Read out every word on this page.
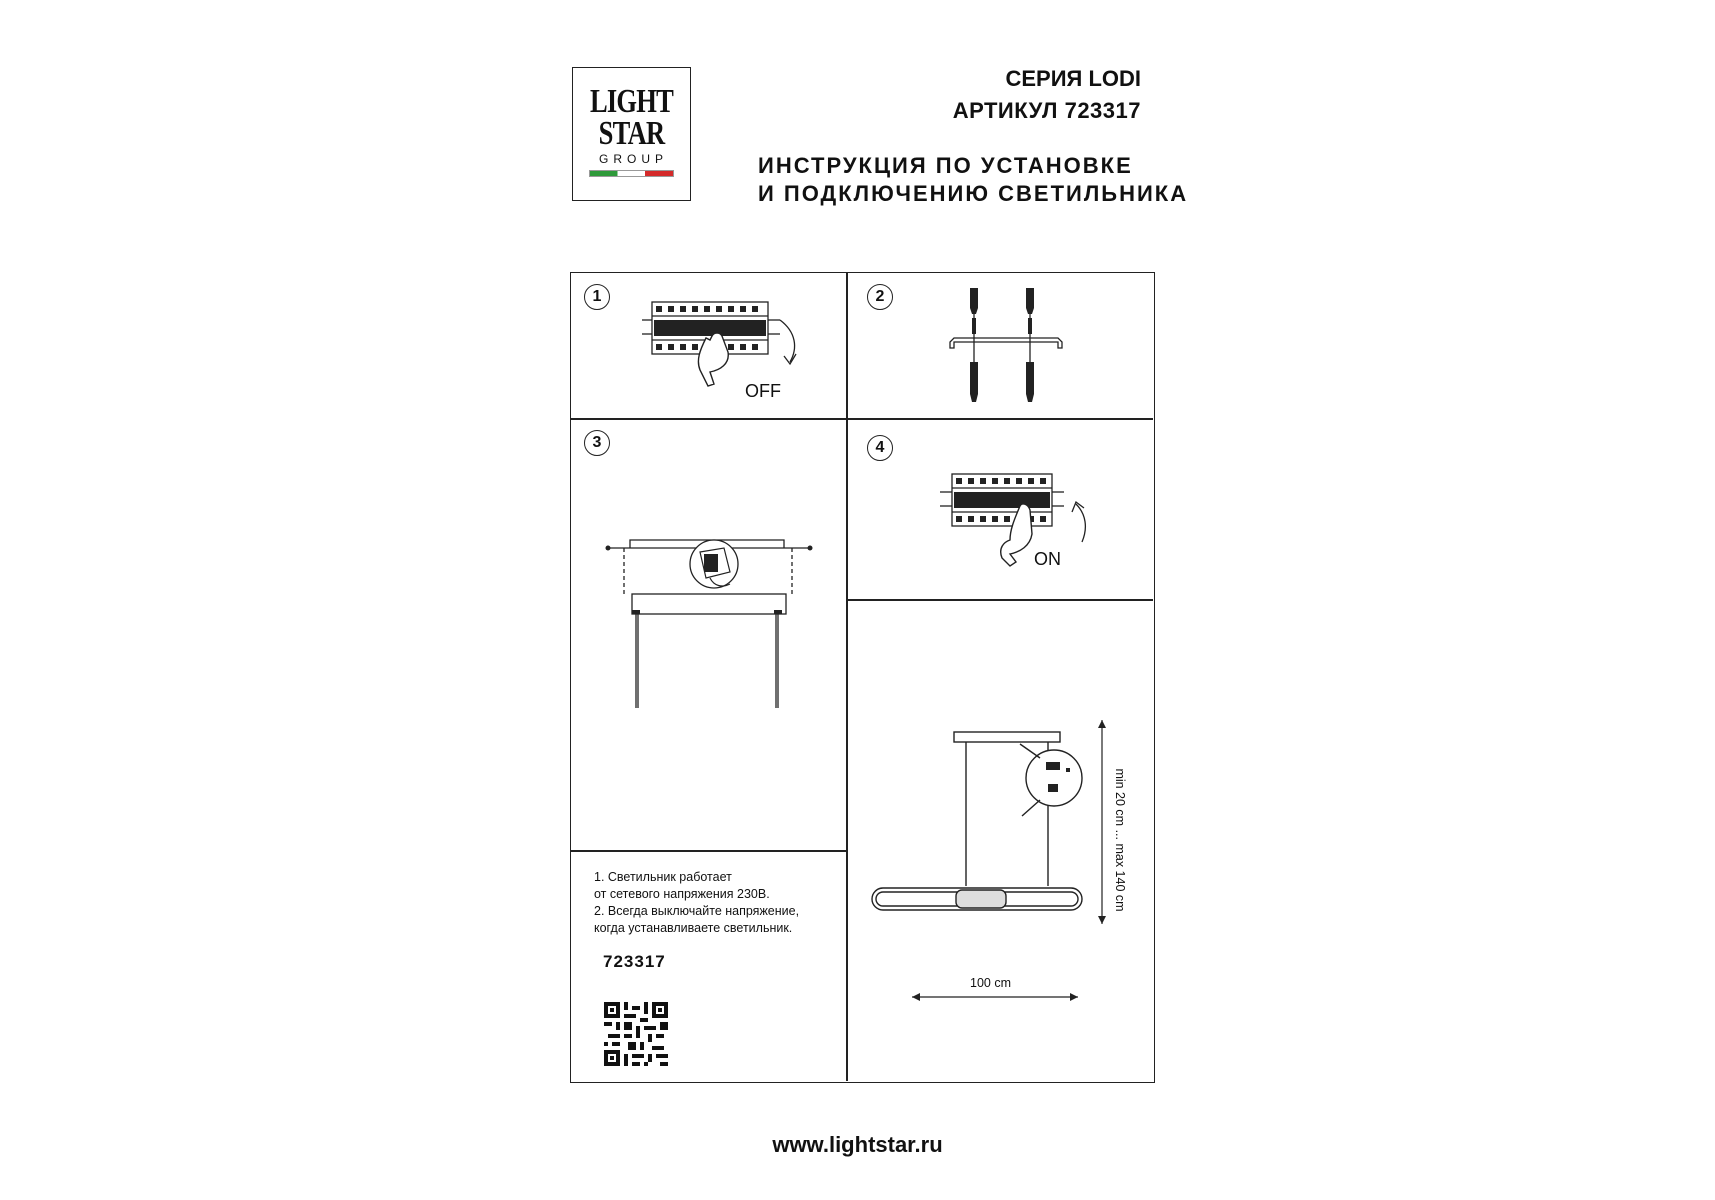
LIGHT
STAR
GROUP
СЕРИЯ LODI
АРТИКУЛ 723317
ИНСТРУКЦИЯ ПО УСТАНОВКЕ
И ПОДКЛЮЧЕНИЮ СВЕТИЛЬНИКА
1	2
3	4
OFF
ON
min 20 cm ... max 140 cm
100 cm
1. Светильник работает
от сетевого напряжения 230В.
2. Всегда выключайте напряжение,
когда устанавливаете светильник.
723317
www.lightstar.ru
